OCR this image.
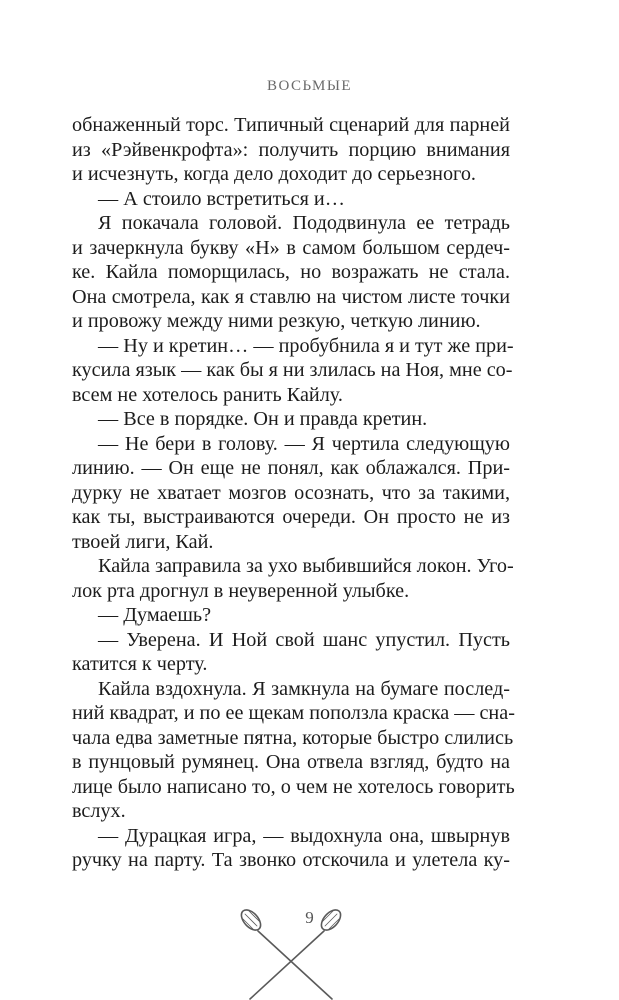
ВОСЬМЫЕ
обнаженный торс. Типичный сценарий для парней
из «Рэйвенкрофта»: получить порцию внимания
и исчезнуть, когда дело доходит до серьезного.
— А стоило встретиться и…
Я покачала головой. Пододвинула ее тетрадь
и зачеркнула букву «Н» в самом большом сердеч-
ке. Кайла поморщилась, но возражать не стала.
Она смотрела, как я ставлю на чистом листе точки
и провожу между ними резкую, четкую линию.
— Ну и кретин… — пробубнила я и тут же при-
кусила язык — как бы я ни злилась на Ноя, мне со-
всем не хотелось ранить Кайлу.
— Все в порядке. Он и правда кретин.
— Не бери в голову. — Я чертила следующую
линию. — Он еще не понял, как облажался. При-
дурку не хватает мозгов осознать, что за такими,
как ты, выстраиваются очереди. Он просто не из
твоей лиги, Кай.
Кайла заправила за ухо выбившийся локон. Уго-
лок рта дрогнул в неуверенной улыбке.
— Думаешь?
— Уверена. И Ной свой шанс упустил. Пусть
катится к черту.
Кайла вздохнула. Я замкнула на бумаге послед-
ний квадрат, и по ее щекам поползла краска — сна-
чала едва заметные пятна, которые быстро слились
в пунцовый румянец. Она отвела взгляд, будто на
лице было написано то, о чем не хотелось говорить
вслух.
— Дурацкая игра, — выдохнула она, швырнув
ручку на парту. Та звонко отскочила и улетела ку-
9
